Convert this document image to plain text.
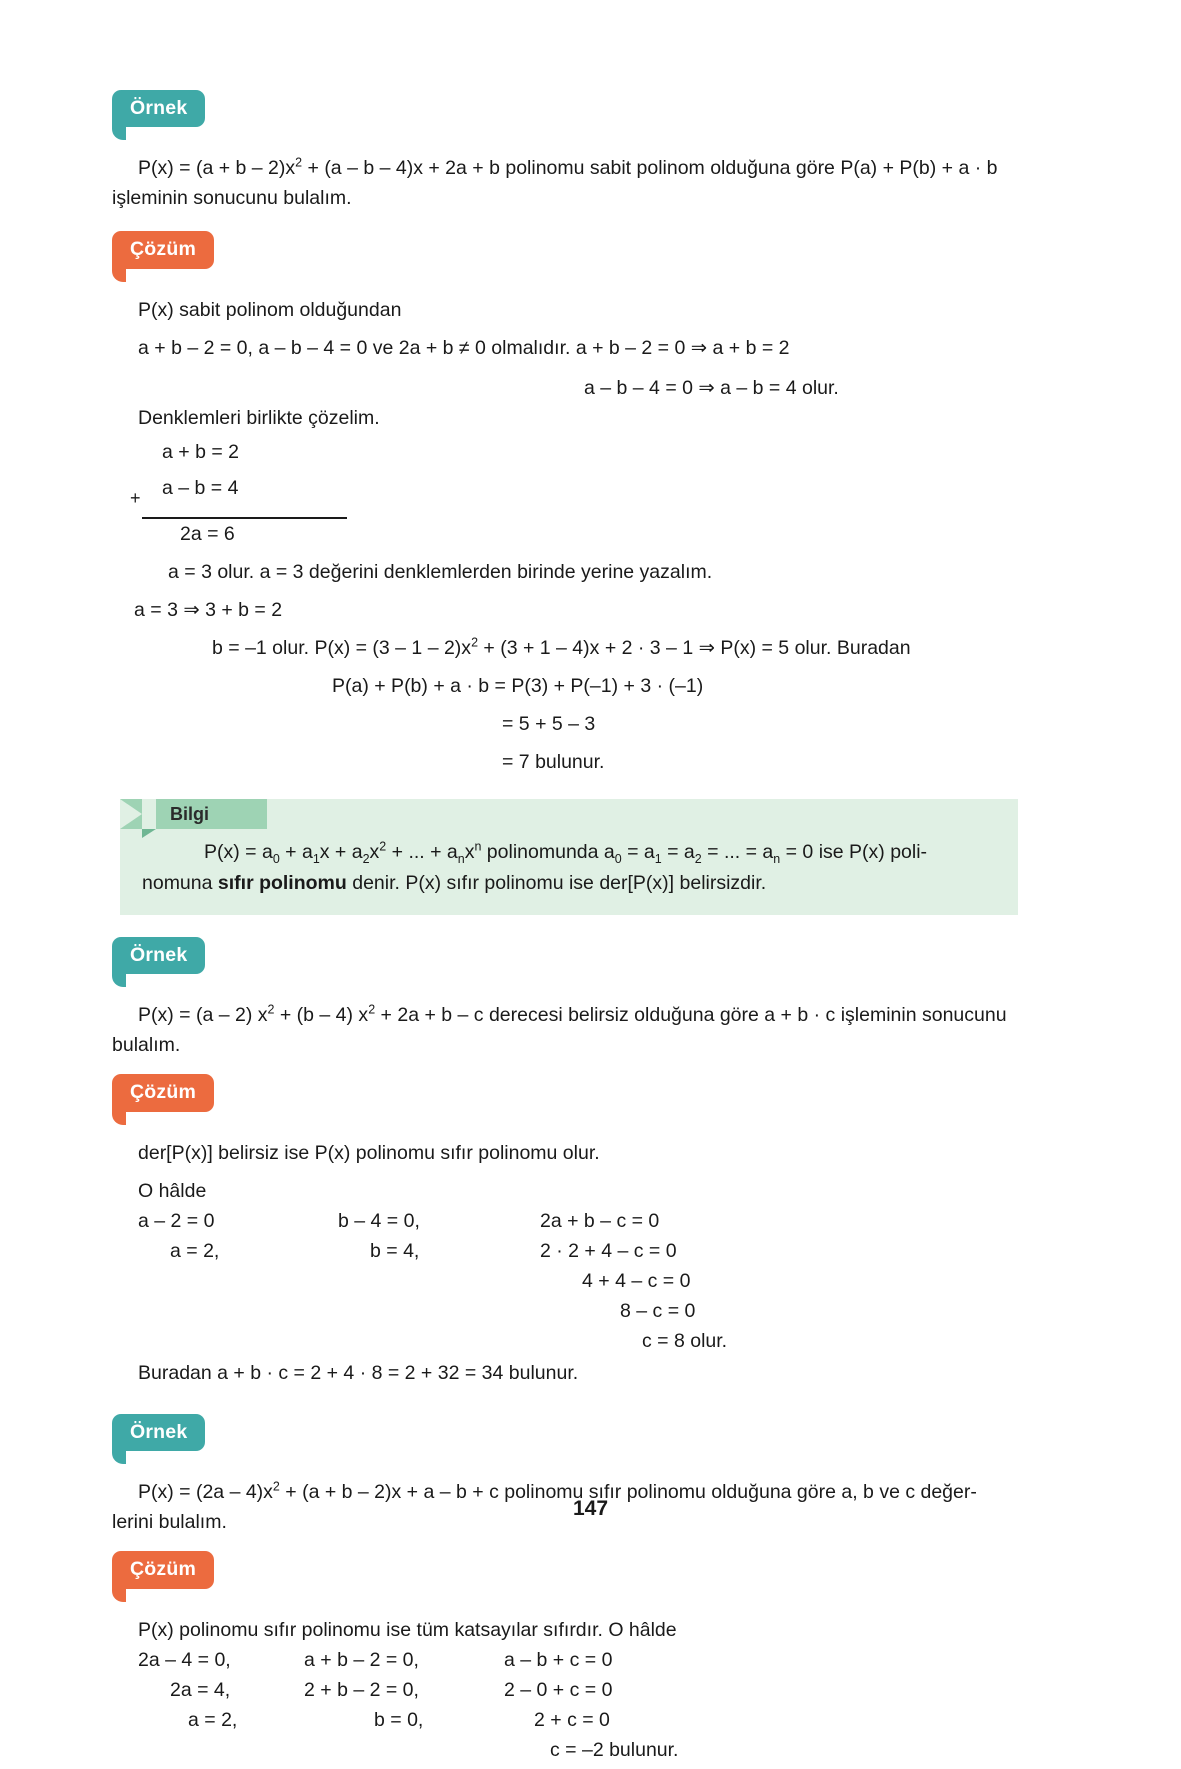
Örnek

$P(x) = (a + b - 2)x^2 + (a - b - 4)x + 2a + b$ polinomu sabit polinom olduğuna göre P(a) + P(b) + a · b
işleminin sonucunu bulalım.

Çözüm

P(x) sabit polinom olduğundan

a + b – 2 = 0, a – b – 4 = 0 ve 2a + b ≠ 0 olmalıdır. a + b – 2 = 0 ⇒ a + b = 2

a – b – 4 = 0 ⇒ a – b = 4 olur.

Denklemleri birlikte çözelim.

+
a + b = 2
a – b = 4
2a = 6

a = 3 olur. a = 3 değerini denklemlerden birinde yerine yazalım.

a = 3 ⇒ 3 + b = 2

b = –1 olur. $P(x) = (3 - 1 - 2)x^2 + (3 + 1 - 4)x + 2 \cdot 3 - 1$ ⇒ P(x) = 5 olur. Buradan

P(a) + P(b) + a · b = P(3) + P(–1) + 3 · (–1)

= 5 + 5 – 3

= 7 bulunur.

Bilgi
$P(x) = a_0 + a_1x + a_2x^2$ + ... + $a_nx^n$ polinomunda $a_0 = a_1 = a_2$ = ... = $a_n = 0$ ise P(x) poli-
nomuna sıfır polinomu denir. P(x) sıfır polinomu ise der[P(x)] belirsizdir.
Örnek

P(x) = (a – 2) $x^2 + (b - 4) x^2 + 2a + b - c$ derecesi belirsiz olduğuna göre a + b · c işleminin sonucunu
bulalım.

Çözüm

der[P(x)] belirsiz ise P(x) polinomu sıfır polinomu olur.

O hâlde

a – 2 = 0
a = 2,
b – 4 = 0,
b = 4,
2a + b – c = 0
2 · 2 + 4 – c = 0
4 + 4 – c = 0
8 – c = 0
c = 8 olur.

Buradan a + b · c = 2 + 4 · 8 = 2 + 32 = 34 bulunur.

Örnek

$P(x) = (2a - 4)x^2 + (a + b - 2)x + a - b + c$ polinomu sıfır polinomu olduğuna göre a, b ve c değer-
lerini bulalım.

Çözüm

P(x) polinomu sıfır polinomu ise tüm katsayılar sıfırdır. O hâlde

2a – 4 = 0,
2a = 4,
a = 2,
a + b – 2 = 0,
2 + b – 2 = 0,
b = 0,
a – b + c = 0
2 – 0 + c = 0
2 + c = 0
c = –2 bulunur.
147
